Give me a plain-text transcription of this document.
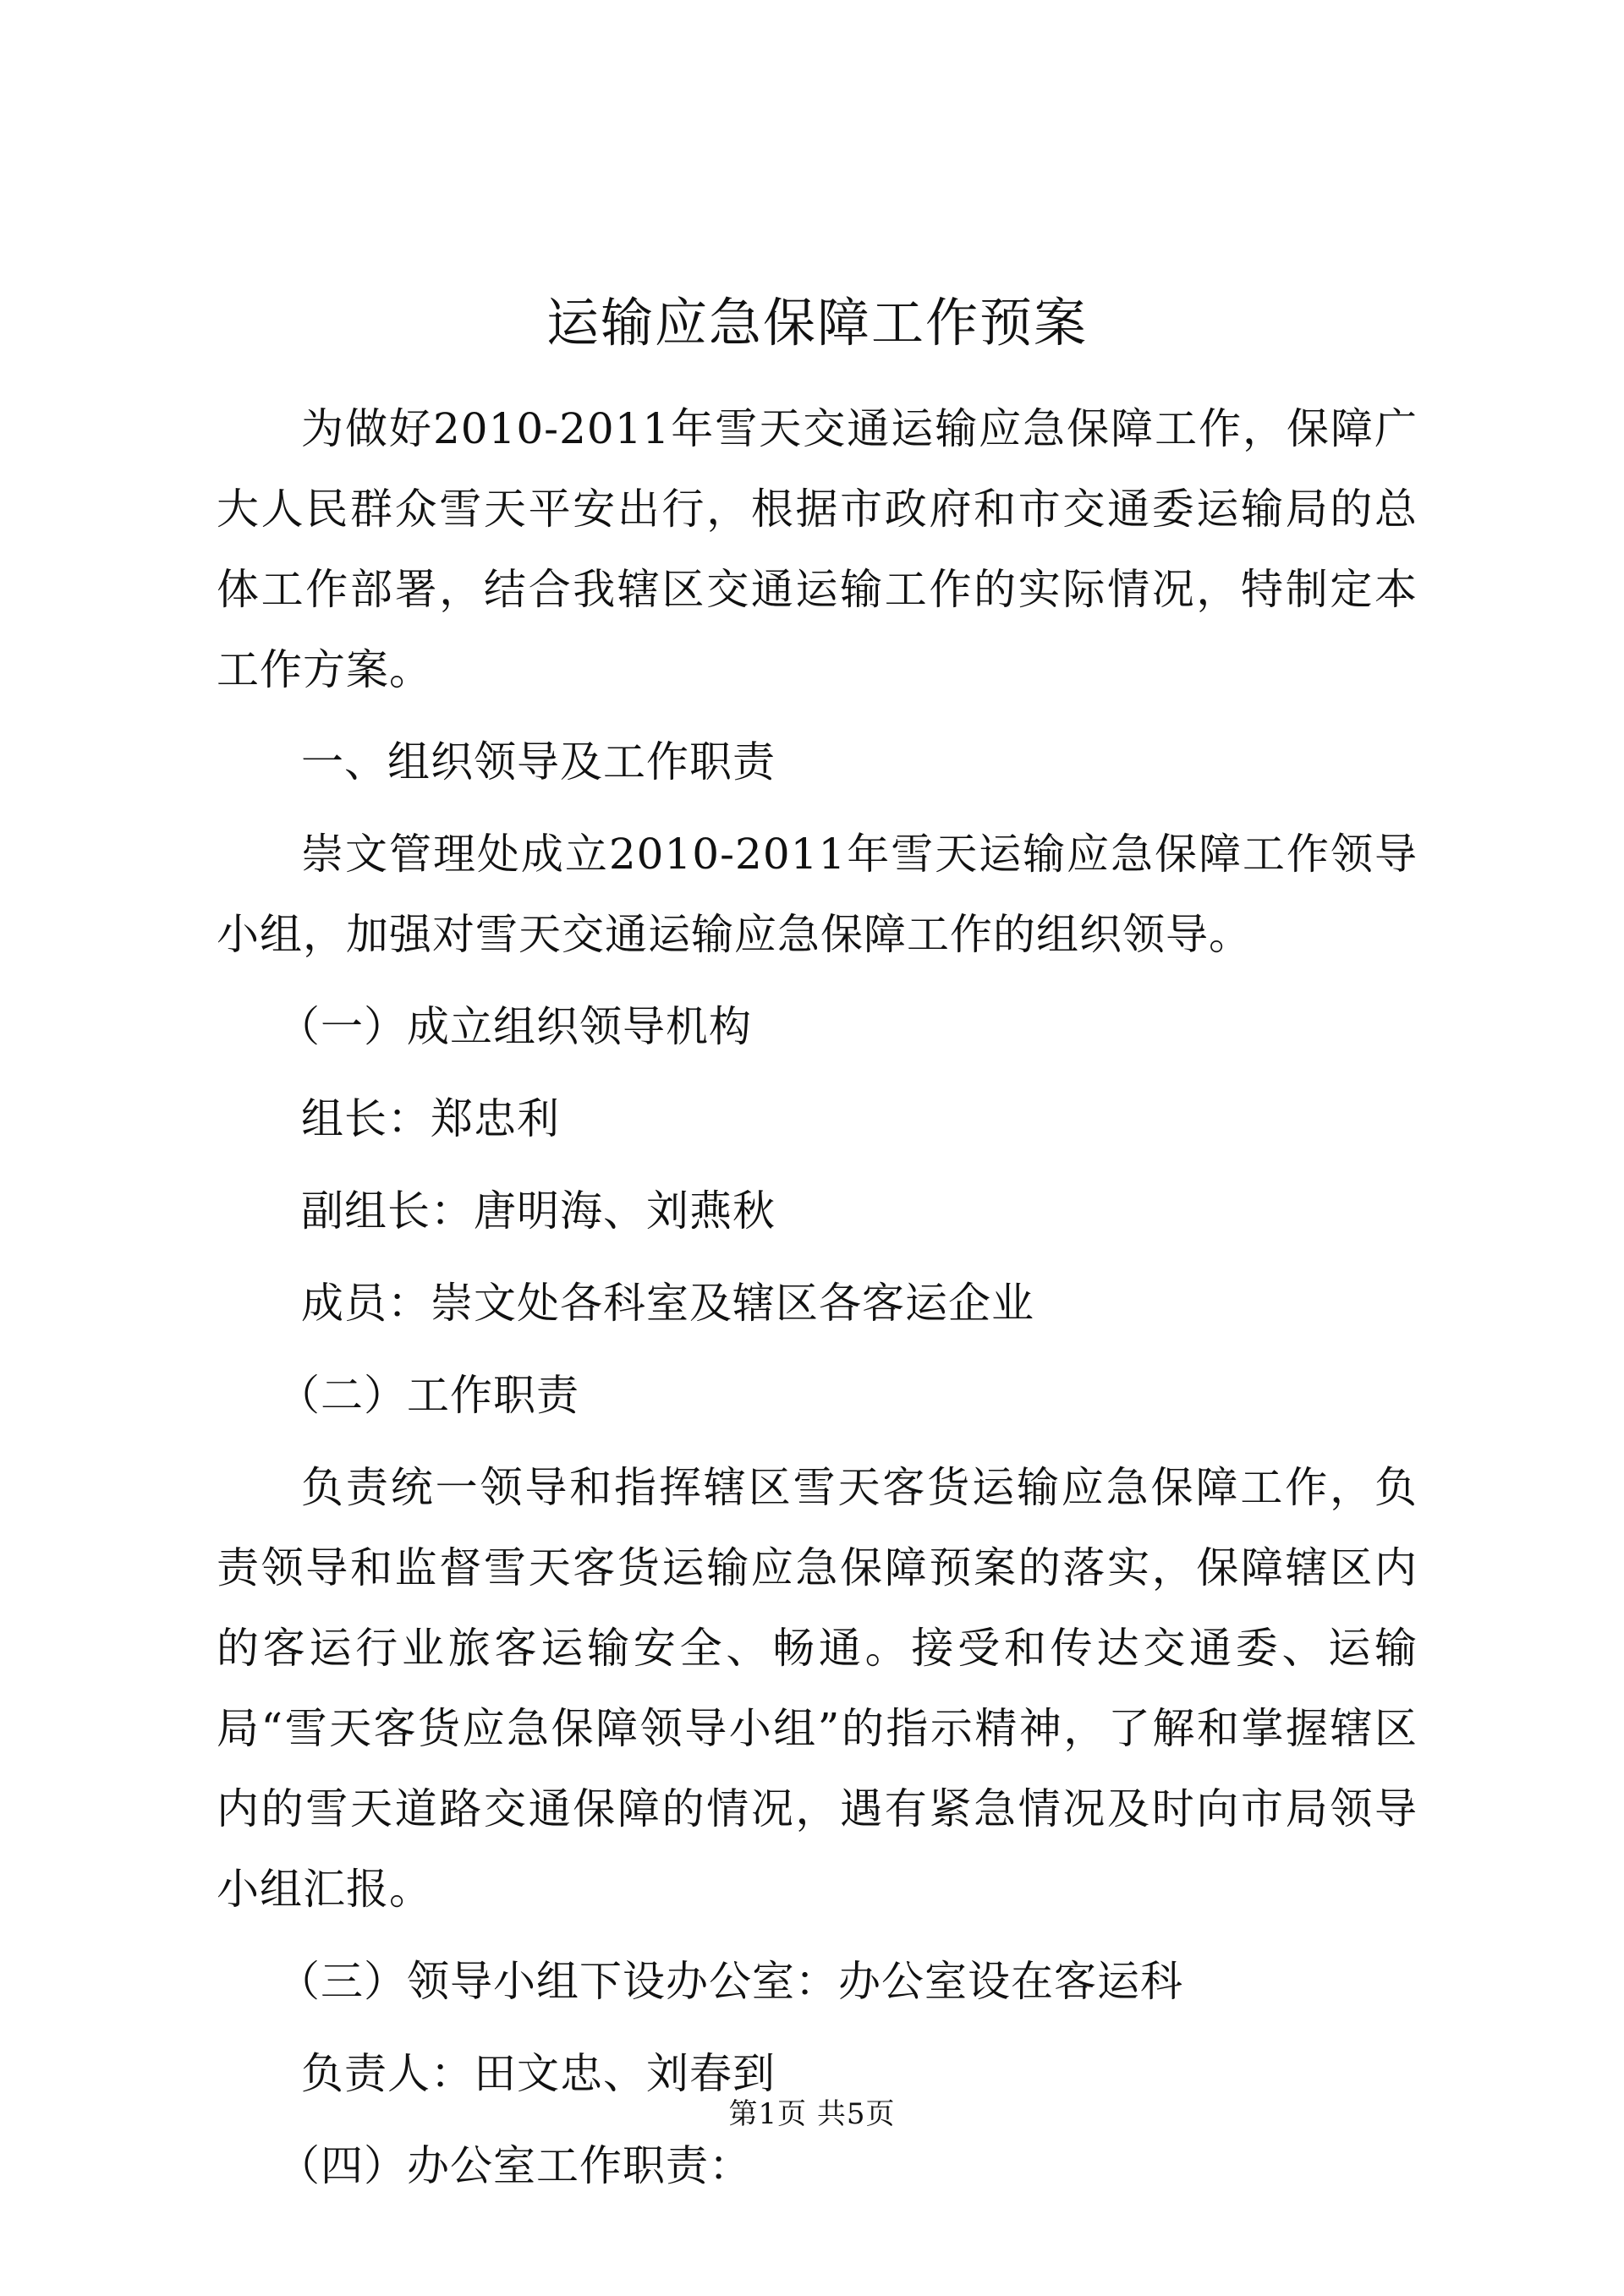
运输应急保障工作预案

为做好2010-2011年雪天交通运输应急保障工作，保障广大人民群众雪天平安出行，根据市政府和市交通委运输局的总体工作部署，结合我辖区交通运输工作的实际情况，特制定本工作方案。

一、组织领导及工作职责

崇文管理处成立2010-2011年雪天运输应急保障工作领导小组，加强对雪天交通运输应急保障工作的组织领导。

（一）成立组织领导机构

组长：郑忠利

副组长：唐明海、刘燕秋

成员：崇文处各科室及辖区各客运企业

（二）工作职责

负责统一领导和指挥辖区雪天客货运输应急保障工作，负责领导和监督雪天客货运输应急保障预案的落实，保障辖区内的客运行业旅客运输安全、畅通。接受和传达交通委、运输局“雪天客货应急保障领导小组”的指示精神，了解和掌握辖区内的雪天道路交通保障的情况，遇有紧急情况及时向市局领导小组汇报。

（三）领导小组下设办公室：办公室设在客运科

负责人：田文忠、刘春到

（四）办公室工作职责：

第1页 共5页
